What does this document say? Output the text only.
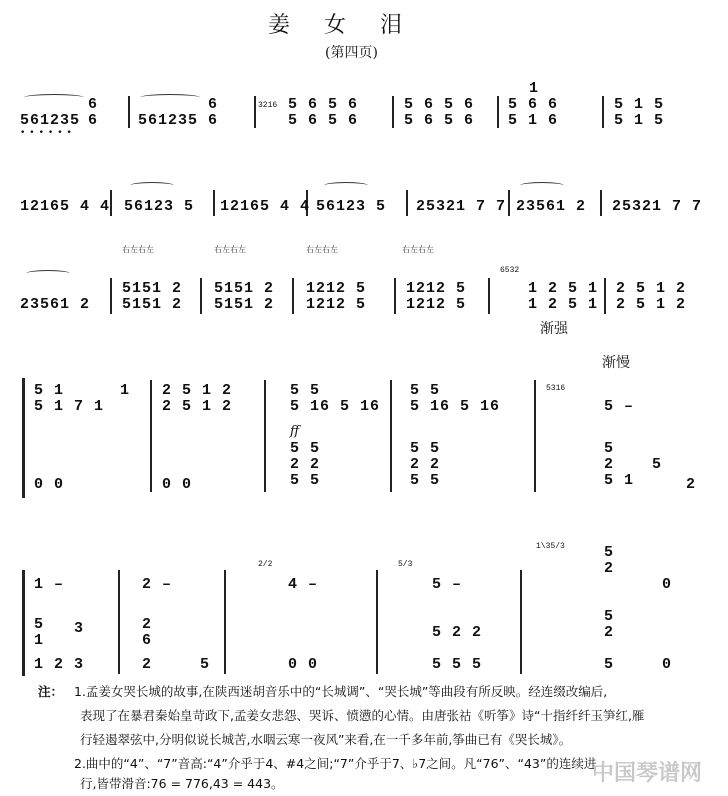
姜女泪
(第四页)
561235
6
6
••••••
561235
6
6
3216 5 6 5 6
5 6 5 6
5 6 5 6
5 6 5 6
1
5 6 6
5 1 6
5 1 5
5 1 5
12165 4 4 56123 5 12165 4 4 56123 5 25321 7 7 23561 2 25321 7 7
右左右左	右左右左	右左右左	右左右左
23561 2
5151 2
5151 2
5151 2
5151 2
1212 5
1212 5
1212 5
1212 5
6532
1 2 5 1
1 2 5 1
2 5 1 2
2 5 1 2
渐强
渐慢
5 1
5 1 7 1
1 2 5 1 2
2 5 1 2
5 5
5 16 5 16
5 5
5 16 5 16
5316
5 –
ff
5 5
2 2
5 5
5 5
2 2
5 5
0 0	0 0
5
2
5 1
5
2
2/2	5/3
1\35/3
1 –	2 –	4 –	5 –
5
2
0
5 3
1
2
6
1 2 3	2	5	0 0
5 2 2
5 5 5
5
2
5	0
注： 1.孟姜女哭长城的故事,在陕西迷胡音乐中的“长城调”、“哭长城”等曲段有所反映。经连缀改编后,
表现了在暴君秦始皇苛政下,孟姜女悲怨、哭诉、愤懑的心情。由唐张祜《听筝》诗“十指纤纤玉笋红,雁
行轻遏翠弦中,分明似说长城苦,水咽云寒一夜风”来看,在一千多年前,筝曲已有《哭长城》。
2.曲中的“4”、“7”音高:“4”介乎于4、#4之间;“7”介乎于7、♭7之间。凡“76”、“43”的连续进
行,皆带滑音:76 = 776,43 = 443。	中国琴谱网
